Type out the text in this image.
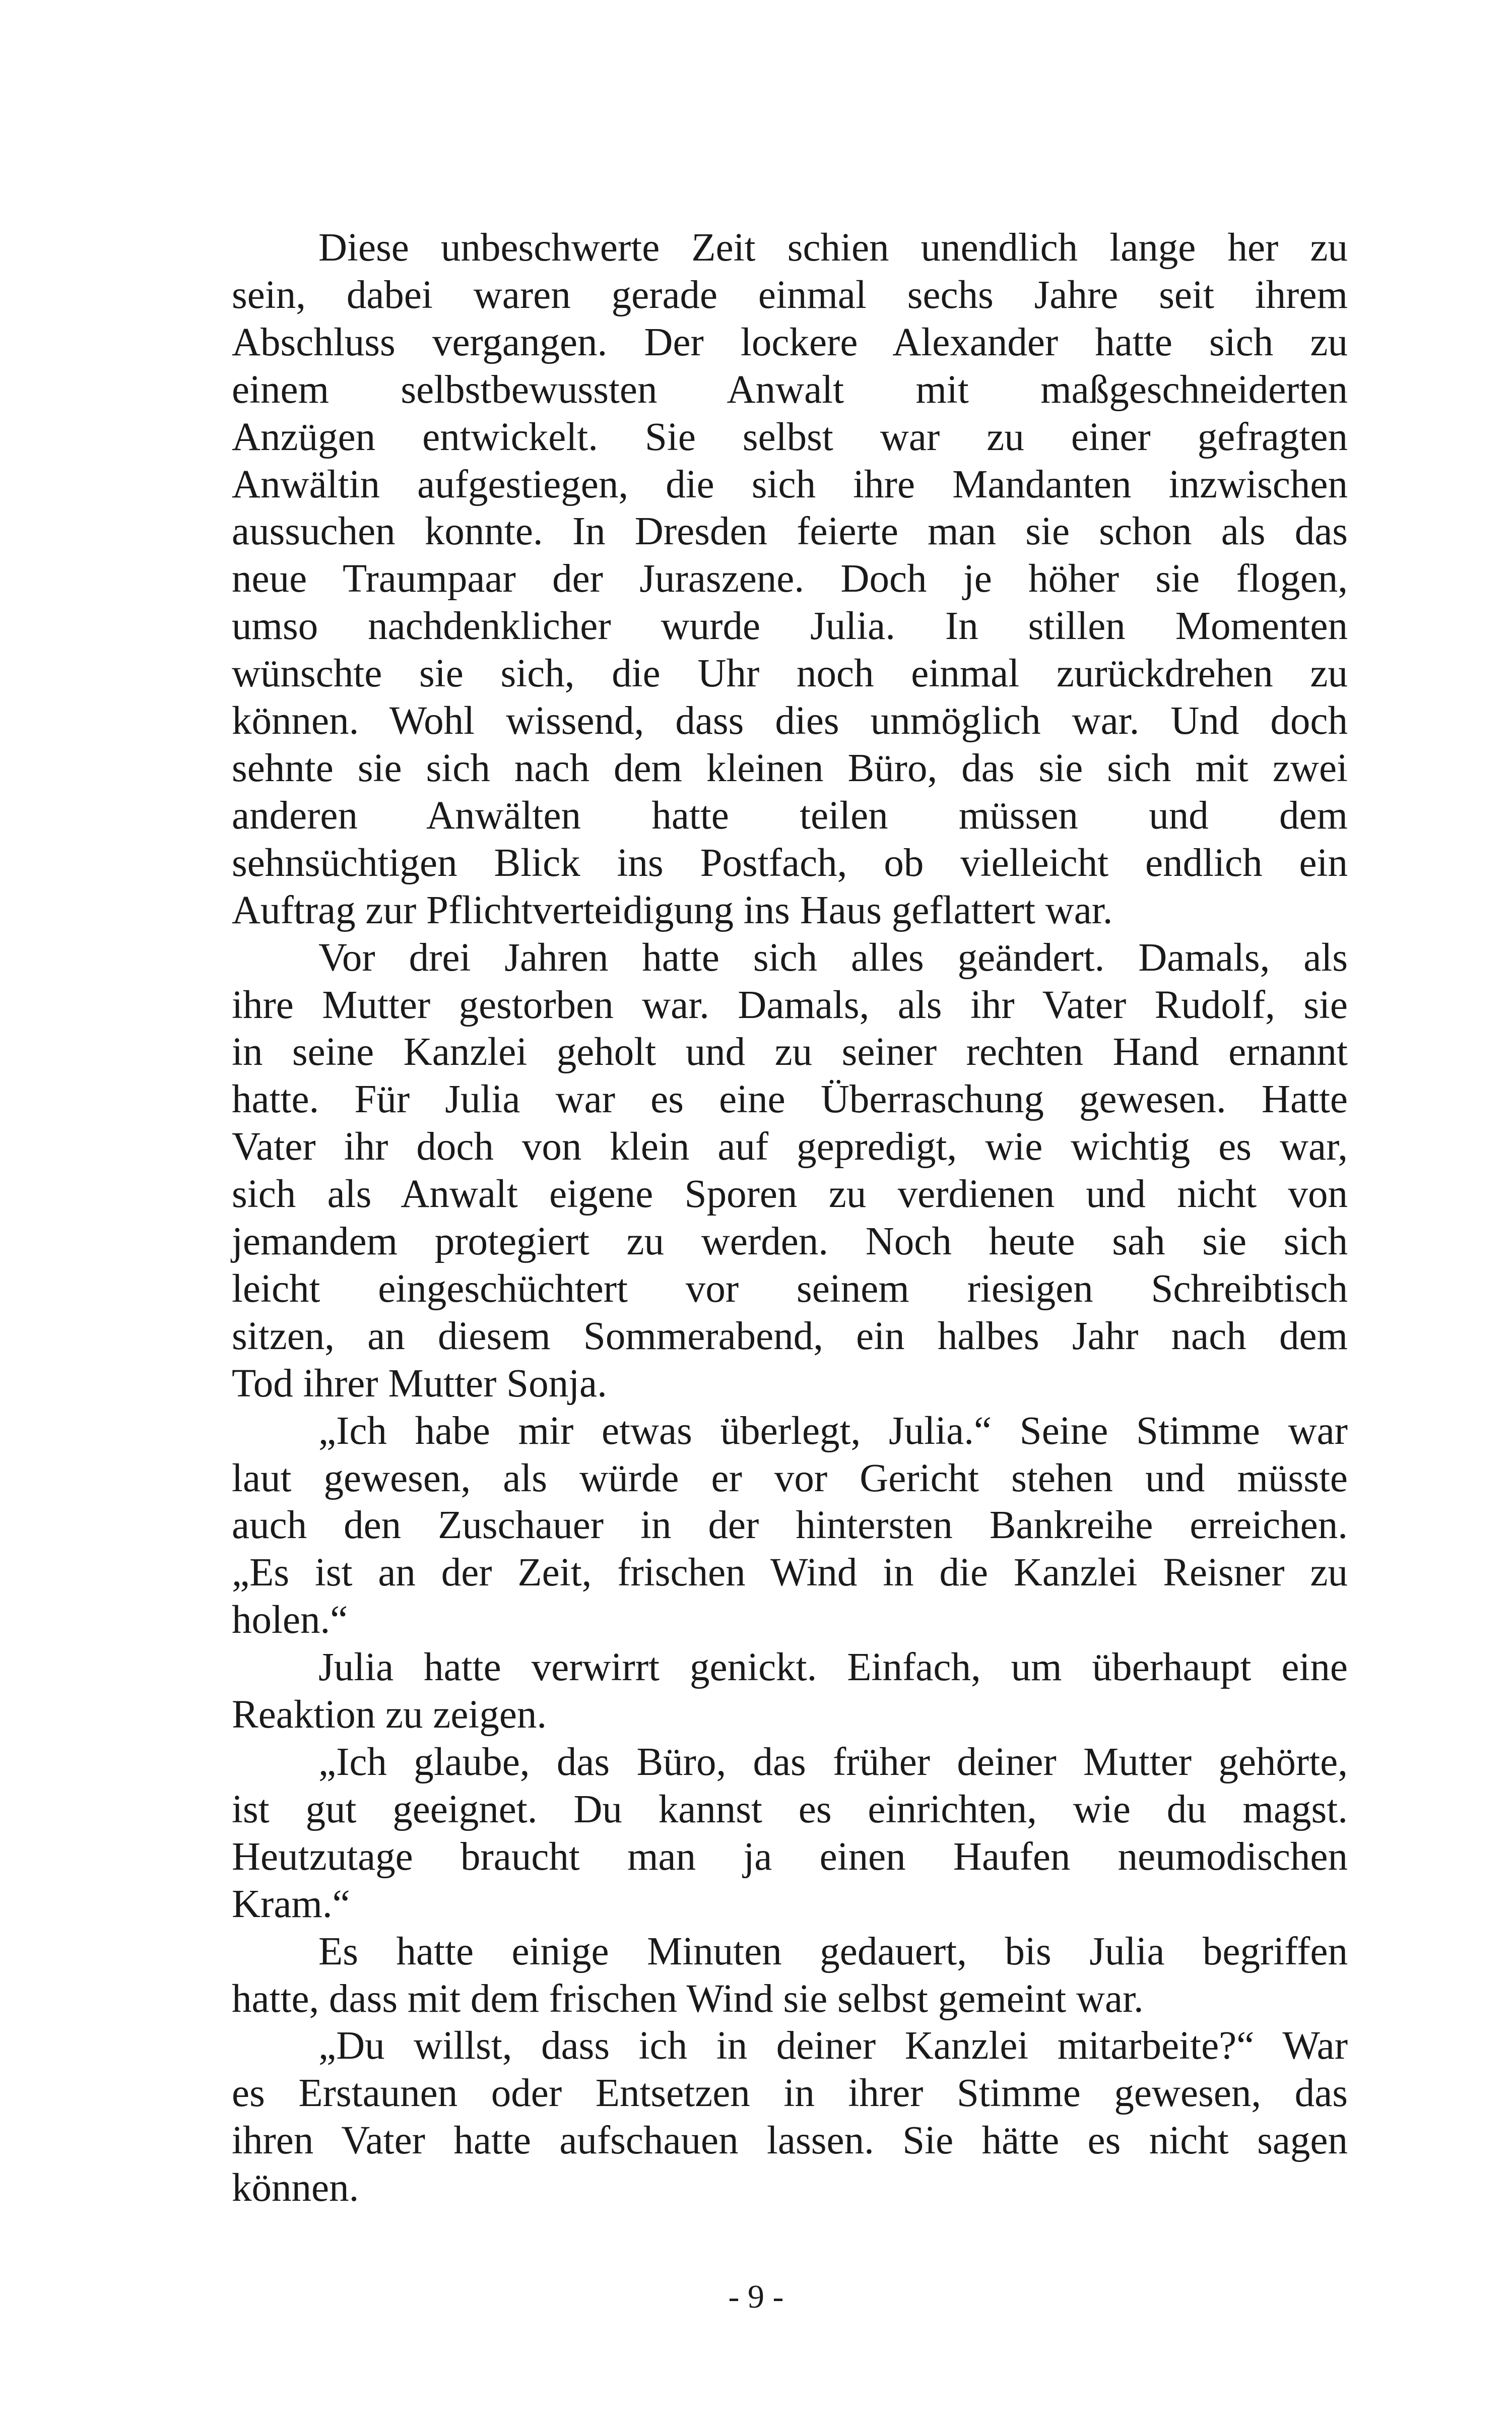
Diese unbeschwerte Zeit schien unendlich lange her zu
sein, dabei waren gerade einmal sechs Jahre seit ihrem
Abschluss vergangen. Der lockere Alexander hatte sich zu
einem selbstbewussten Anwalt mit maßgeschneiderten
Anzügen entwickelt. Sie selbst war zu einer gefragten
Anwältin aufgestiegen, die sich ihre Mandanten inzwischen
aussuchen konnte. In Dresden feierte man sie schon als das
neue Traumpaar der Juraszene. Doch je höher sie flogen,
umso nachdenklicher wurde Julia. In stillen Momenten
wünschte sie sich, die Uhr noch einmal zurückdrehen zu
können. Wohl wissend, dass dies unmöglich war. Und doch
sehnte sie sich nach dem kleinen Büro, das sie sich mit zwei
anderen Anwälten hatte teilen müssen und dem
sehnsüchtigen Blick ins Postfach, ob vielleicht endlich ein
Auftrag zur Pflichtverteidigung ins Haus geflattert war.
Vor drei Jahren hatte sich alles geändert. Damals, als
ihre Mutter gestorben war. Damals, als ihr Vater Rudolf, sie
in seine Kanzlei geholt und zu seiner rechten Hand ernannt
hatte. Für Julia war es eine Überraschung gewesen. Hatte
Vater ihr doch von klein auf gepredigt, wie wichtig es war,
sich als Anwalt eigene Sporen zu verdienen und nicht von
jemandem protegiert zu werden. Noch heute sah sie sich
leicht eingeschüchtert vor seinem riesigen Schreibtisch
sitzen, an diesem Sommerabend, ein halbes Jahr nach dem
Tod ihrer Mutter Sonja.
„Ich habe mir etwas überlegt, Julia.“ Seine Stimme war
laut gewesen, als würde er vor Gericht stehen und müsste
auch den Zuschauer in der hintersten Bankreihe erreichen.
„Es ist an der Zeit, frischen Wind in die Kanzlei Reisner zu
holen.“
Julia hatte verwirrt genickt. Einfach, um überhaupt eine
Reaktion zu zeigen.
„Ich glaube, das Büro, das früher deiner Mutter gehörte,
ist gut geeignet. Du kannst es einrichten, wie du magst.
Heutzutage braucht man ja einen Haufen neumodischen
Kram.“
Es hatte einige Minuten gedauert, bis Julia begriffen
hatte, dass mit dem frischen Wind sie selbst gemeint war.
„Du willst, dass ich in deiner Kanzlei mitarbeite?“ War
es Erstaunen oder Entsetzen in ihrer Stimme gewesen, das
ihren Vater hatte aufschauen lassen. Sie hätte es nicht sagen
können.
- 9 -
